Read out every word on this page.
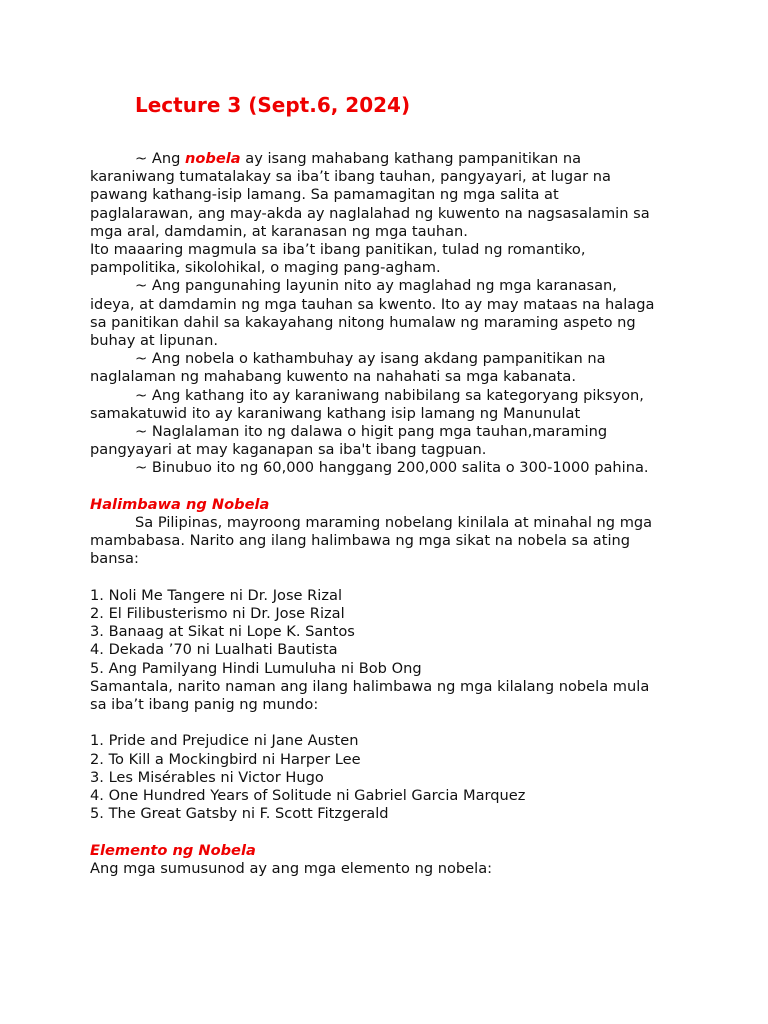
Lecture 3 (Sept.6, 2024)
~ Ang nobela ay isang mahabang kathang pampanitikan na
karaniwang tumatalakay sa iba’t ibang tauhan, pangyayari, at lugar na
pawang kathang-isip lamang. Sa pamamagitan ng mga salita at
paglalarawan, ang may-akda ay naglalahad ng kuwento na nagsasalamin sa
mga aral, damdamin, at karanasan ng mga tauhan.
Ito maaaring magmula sa iba’t ibang panitikan, tulad ng romantiko,
pampolitika, sikolohikal, o maging pang-agham.
~ Ang pangunahing layunin nito ay maglahad ng mga karanasan,
ideya, at damdamin ng mga tauhan sa kwento. Ito ay may mataas na halaga
sa panitikan dahil sa kakayahang nitong humalaw ng maraming aspeto ng
buhay at lipunan.
~ Ang nobela o kathambuhay ay isang akdang pampanitikan na
naglalaman ng mahabang kuwento na nahahati sa mga kabanata.
~ Ang kathang ito ay karaniwang nabibilang sa kategoryang piksyon,
samakatuwid ito ay karaniwang kathang isip lamang ng Manunulat
~ Naglalaman ito ng dalawa o higit pang mga tauhan,maraming
pangyayari at may kaganapan sa iba't ibang tagpuan.
~ Binubuo ito ng 60,000 hanggang 200,000 salita o 300-1000 pahina.
Halimbawa ng Nobela
Sa Pilipinas, mayroong maraming nobelang kinilala at minahal ng mga
mambabasa. Narito ang ilang halimbawa ng mga sikat na nobela sa ating
bansa:
1. Noli Me Tangere ni Dr. Jose Rizal
2. El Filibusterismo ni Dr. Jose Rizal
3. Banaag at Sikat ni Lope K. Santos
4. Dekada ’70 ni Lualhati Bautista
5. Ang Pamilyang Hindi Lumuluha ni Bob Ong
Samantala, narito naman ang ilang halimbawa ng mga kilalang nobela mula
sa iba’t ibang panig ng mundo:
1. Pride and Prejudice ni Jane Austen
2. To Kill a Mockingbird ni Harper Lee
3. Les Misérables ni Victor Hugo
4. One Hundred Years of Solitude ni Gabriel Garcia Marquez
5. The Great Gatsby ni F. Scott Fitzgerald
Elemento ng Nobela
Ang mga sumusunod ay ang mga elemento ng nobela:
